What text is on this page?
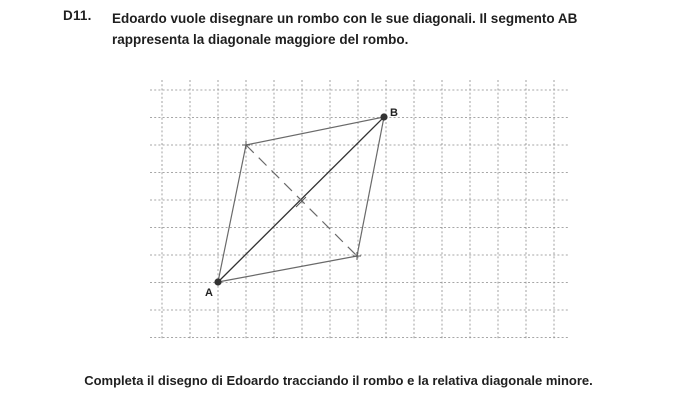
D11. Edoardo vuole disegnare un rombo con le sue diagonali. Il segmento AB rappresenta la diagonale maggiore del rombo.
A
B
Completa il disegno di Edoardo tracciando il rombo e la relativa diagonale minore.
